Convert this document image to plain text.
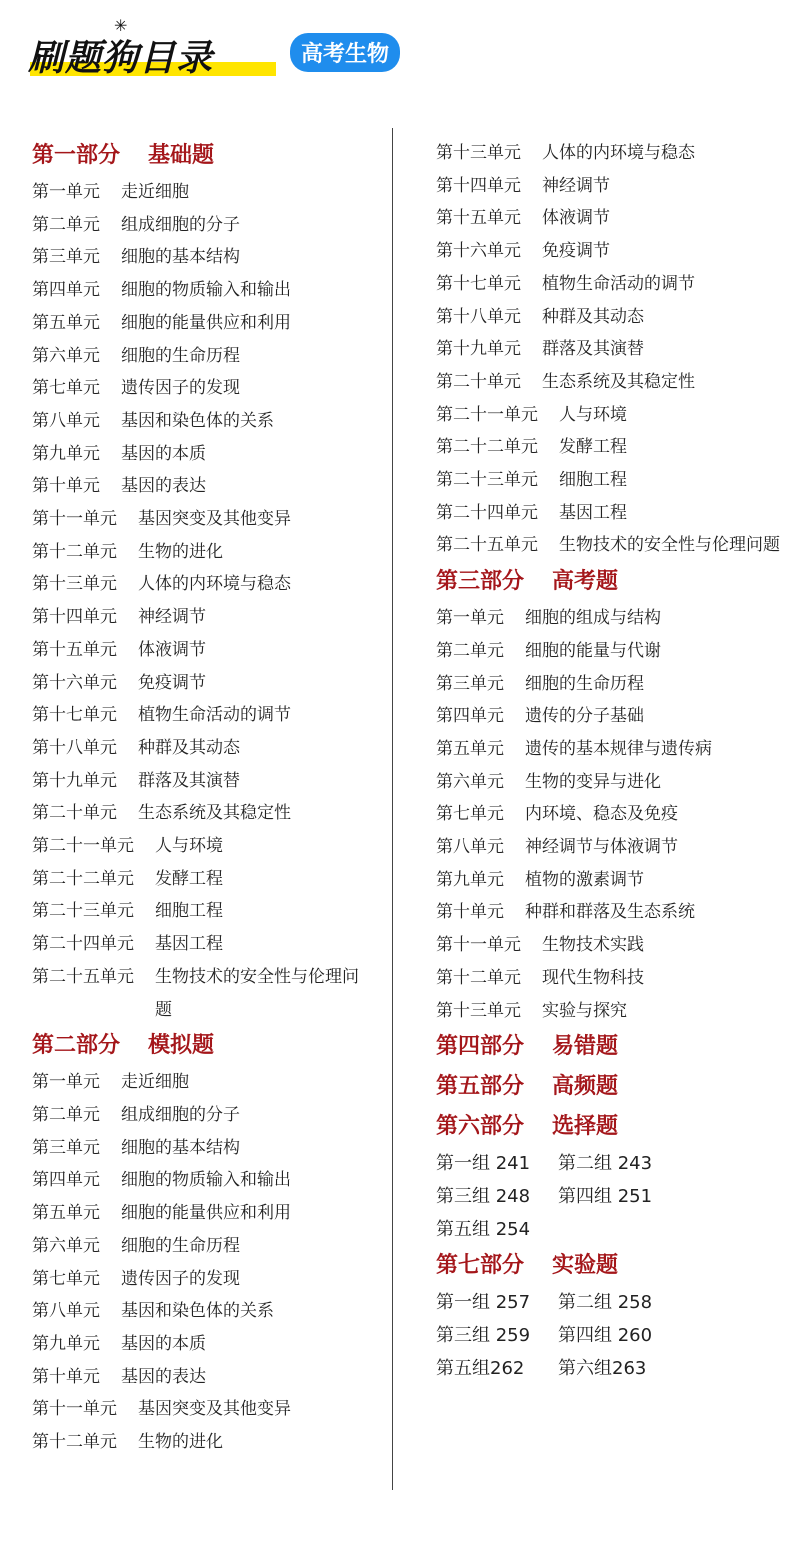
刷题狗目录
✳
高考生物
第一部分 基础题
第一单元	走近细胞
第二单元	组成细胞的分子
第三单元	细胞的基本结构
第四单元	细胞的物质输入和输出
第五单元	细胞的能量供应和利用
第六单元	细胞的生命历程
第七单元	遗传因子的发现
第八单元	基因和染色体的关系
第九单元	基因的本质
第十单元	基因的表达
第十一单元	基因突变及其他变异
第十二单元	生物的进化
第十三单元	人体的内环境与稳态
第十四单元	神经调节
第十五单元	体液调节
第十六单元	免疫调节
第十七单元	植物生命活动的调节
第十八单元	种群及其动态
第十九单元	群落及其演替
第二十单元	生态系统及其稳定性
第二十一单元	人与环境
第二十二单元	发酵工程
第二十三单元	细胞工程
第二十四单元	基因工程
第二十五单元	生物技术的安全性与伦理问题
第二部分 模拟题
第一单元	走近细胞
第二单元	组成细胞的分子
第三单元	细胞的基本结构
第四单元	细胞的物质输入和输出
第五单元	细胞的能量供应和利用
第六单元	细胞的生命历程
第七单元	遗传因子的发现
第八单元	基因和染色体的关系
第九单元	基因的本质
第十单元	基因的表达
第十一单元	基因突变及其他变异
第十二单元	生物的进化
第十三单元	人体的内环境与稳态
第十四单元	神经调节
第十五单元	体液调节
第十六单元	免疫调节
第十七单元	植物生命活动的调节
第十八单元	种群及其动态
第十九单元	群落及其演替
第二十单元	生态系统及其稳定性
第二十一单元	人与环境
第二十二单元	发酵工程
第二十三单元	细胞工程
第二十四单元	基因工程
第二十五单元	生物技术的安全性与伦理问题
第三部分 高考题
第一单元	细胞的组成与结构
第二单元	细胞的能量与代谢
第三单元	细胞的生命历程
第四单元	遗传的分子基础
第五单元	遗传的基本规律与遗传病
第六单元	生物的变异与进化
第七单元	内环境、稳态及免疫
第八单元	神经调节与体液调节
第九单元	植物的激素调节
第十单元	种群和群落及生态系统
第十一单元	生物技术实践
第十二单元	现代生物科技
第十三单元	实验与探究
第四部分 易错题
第五部分 高频题
第六部分 选择题
第一组 241	第二组 243
第三组 248	第四组 251
第五组 254
第七部分 实验题
第一组 257	第二组 258
第三组 259	第四组 260
第五组262	第六组263
